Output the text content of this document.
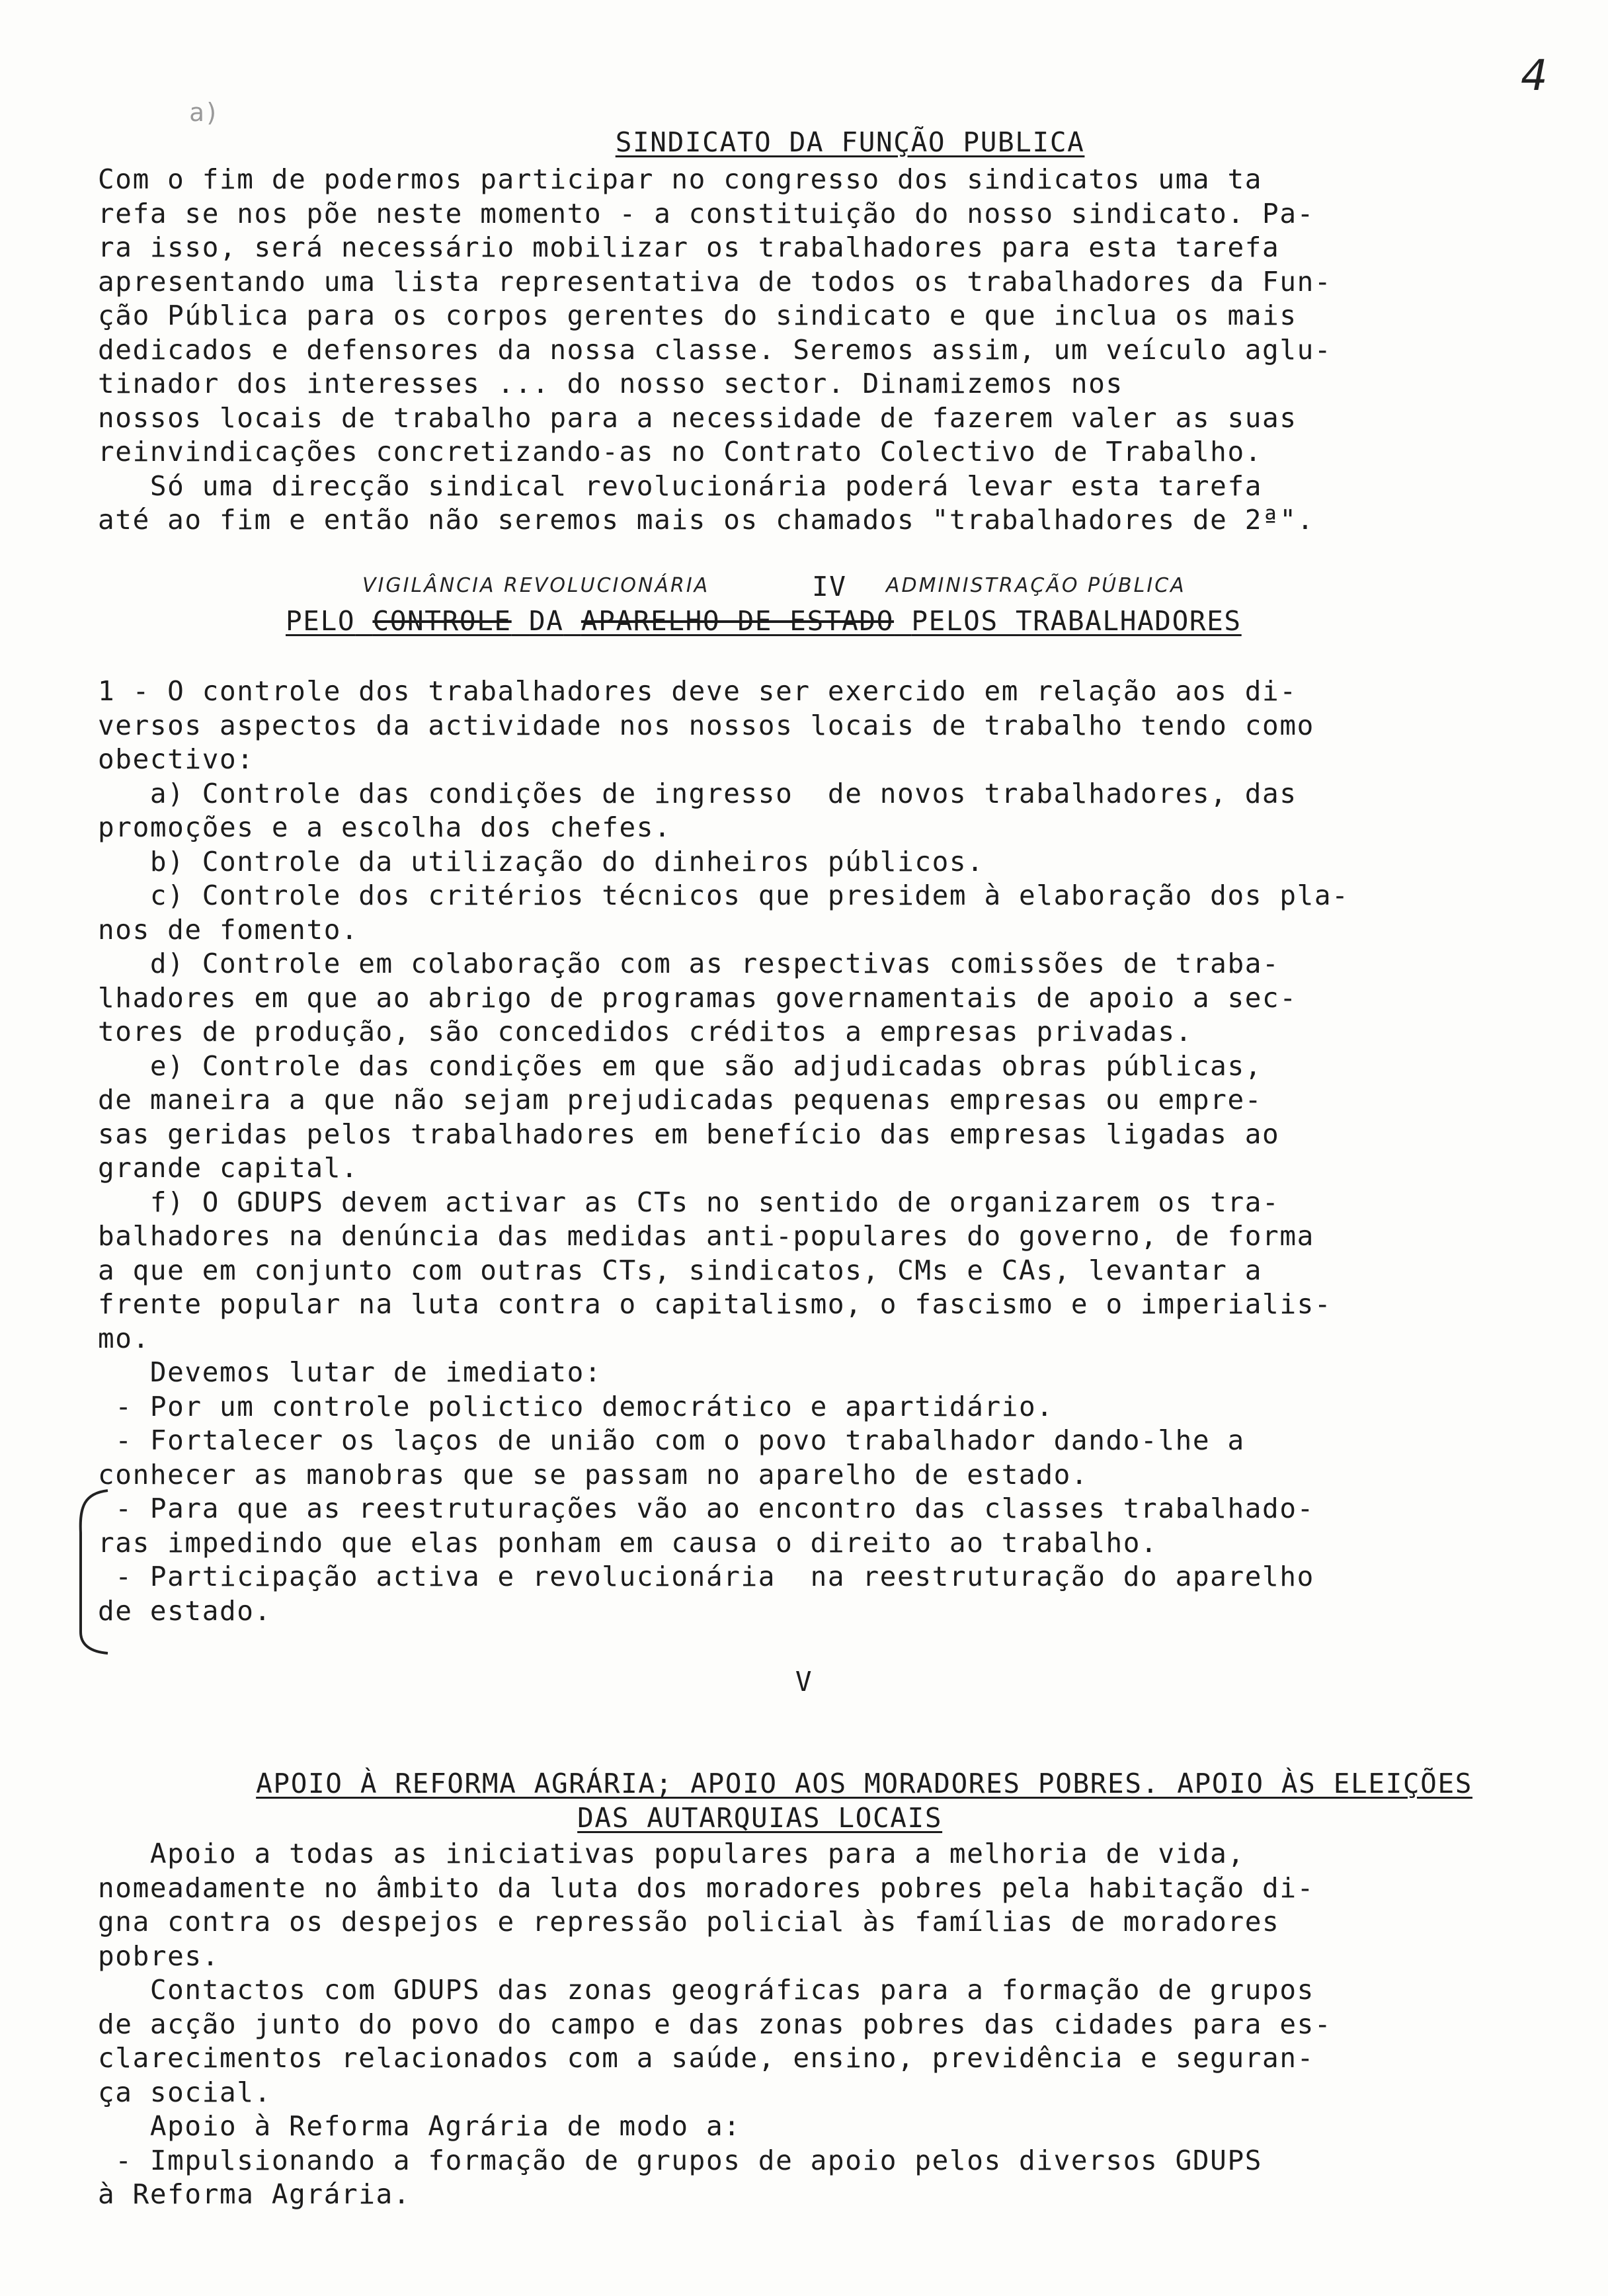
a)
4

SINDICATO DA FUNÇÃO PUBLICA

Com o fim de podermos participar no congresso dos sindicatos uma ta
refa se nos põe neste momento - a constituição do nosso sindicato. Pa-
ra isso, será necessário mobilizar os trabalhadores para esta tarefa
apresentando uma lista representativa de todos os trabalhadores da Fun-
ção Pública para os corpos gerentes do sindicato e que inclua os mais
dedicados e defensores da nossa classe. Seremos assim, um veículo aglu-
tinador dos interesses ... do nosso sector. Dinamizemos nos
nossos locais de trabalho para a necessidade de fazerem valer as suas
reinvindicações concretizando-as no Contrato Colectivo de Trabalho.
Só uma direcção sindical revolucionária poderá levar esta tarefa
até ao fim e então não seremos mais os chamados "trabalhadores de 2ª".
VIGILÂNCIA REVOLUCIONÁRIA	IV	ADMINISTRAÇÃO PÚBLICA
PELO CONTROLE DA APARELHO DE ESTADO PELOS TRABALHADORES
1 - O controle dos trabalhadores deve ser exercido em relação aos di-
versos aspectos da actividade nos nossos locais de trabalho tendo como
obectivo:
a) Controle das condições de ingresso  de novos trabalhadores, das
promoções e a escolha dos chefes.
b) Controle da utilização do dinheiros públicos.
c) Controle dos critérios técnicos que presidem à elaboração dos pla-
nos de fomento.
d) Controle em colaboração com as respectivas comissões de traba-
lhadores em que ao abrigo de programas governamentais de apoio a sec-
tores de produção, são concedidos créditos a empresas privadas.
e) Controle das condições em que são adjudicadas obras públicas,
de maneira a que não sejam prejudicadas pequenas empresas ou empre-
sas geridas pelos trabalhadores em benefício das empresas ligadas ao
grande capital.
f) O GDUPS devem activar as CTs no sentido de organizarem os tra-
balhadores na denúncia das medidas anti-populares do governo, de forma
a que em conjunto com outras CTs, sindicatos, CMs e CAs, levantar a
frente popular na luta contra o capitalismo, o fascismo e o imperialis-
mo.
Devemos lutar de imediato:
- Por um controle polictico democrático e apartidário.
- Fortalecer os laços de união com o povo trabalhador dando-lhe a
conhecer as manobras que se passam no aparelho de estado.
- Para que as reestruturações vão ao encontro das classes trabalhado-
ras impedindo que elas ponham em causa o direito ao trabalho.
- Participação activa e revolucionária  na reestruturação do aparelho
de estado.
V

APOIO À REFORMA AGRÁRIA; APOIO AOS MORADORES POBRES. APOIO ÀS ELEIÇÕES

DAS AUTARQUIAS LOCAIS

Apoio a todas as iniciativas populares para a melhoria de vida,
nomeadamente no âmbito da luta dos moradores pobres pela habitação di-
gna contra os despejos e repressão policial às famílias de moradores
pobres.
Contactos com GDUPS das zonas geográficas para a formação de grupos
de acção junto do povo do campo e das zonas pobres das cidades para es-
clarecimentos relacionados com a saúde, ensino, previdência e seguran-
ça social.
Apoio à Reforma Agrária de modo a:
- Impulsionando a formação de grupos de apoio pelos diversos GDUPS
à Reforma Agrária.
